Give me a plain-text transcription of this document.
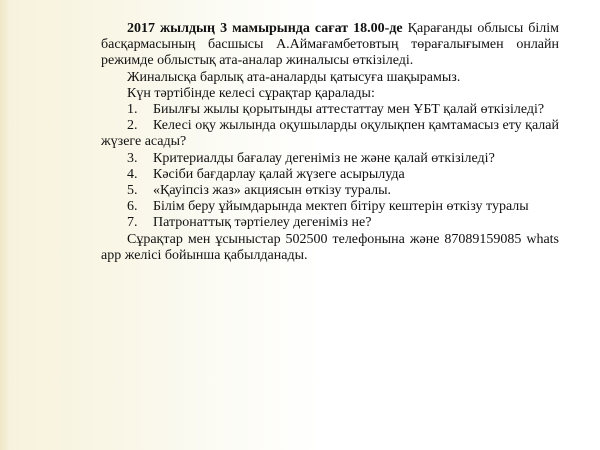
2017 жылдың 3 мамырында сағат 18.00-де Қарағанды облысы білім басқармасының басшысы А.Аймағамбетовтың төрағалығымен онлайн режимде облыстық ата-аналар жиналысы өткізіледі.

Жиналысқа барлық ата-аналарды қатысуға шақырамыз.

Күн тәртібінде келесі сұрақтар қаралады:

1. Биылғы жылы қорытынды аттестаттау мен ҰБТ қалай өткізіледі?

2. Келесі оқу жылында оқушыларды оқулықпен қамтамасыз ету қалай жүзеге асады?

3. Критериалды бағалау дегеніміз не және қалай өткізіледі?

4. Кәсіби бағдарлау қалай жүзеге асырылуда

5. «Қауіпсіз жаз» акциясын өткізу туралы.

6. Білім беру ұйымдарында мектеп бітіру кештерін өткізу туралы

7. Патронаттық тәртіелеу дегеніміз не?

Сұрақтар мен ұсыныстар 502500 телефонына және 87089159085 whats app желісі бойынша қабылданады.
